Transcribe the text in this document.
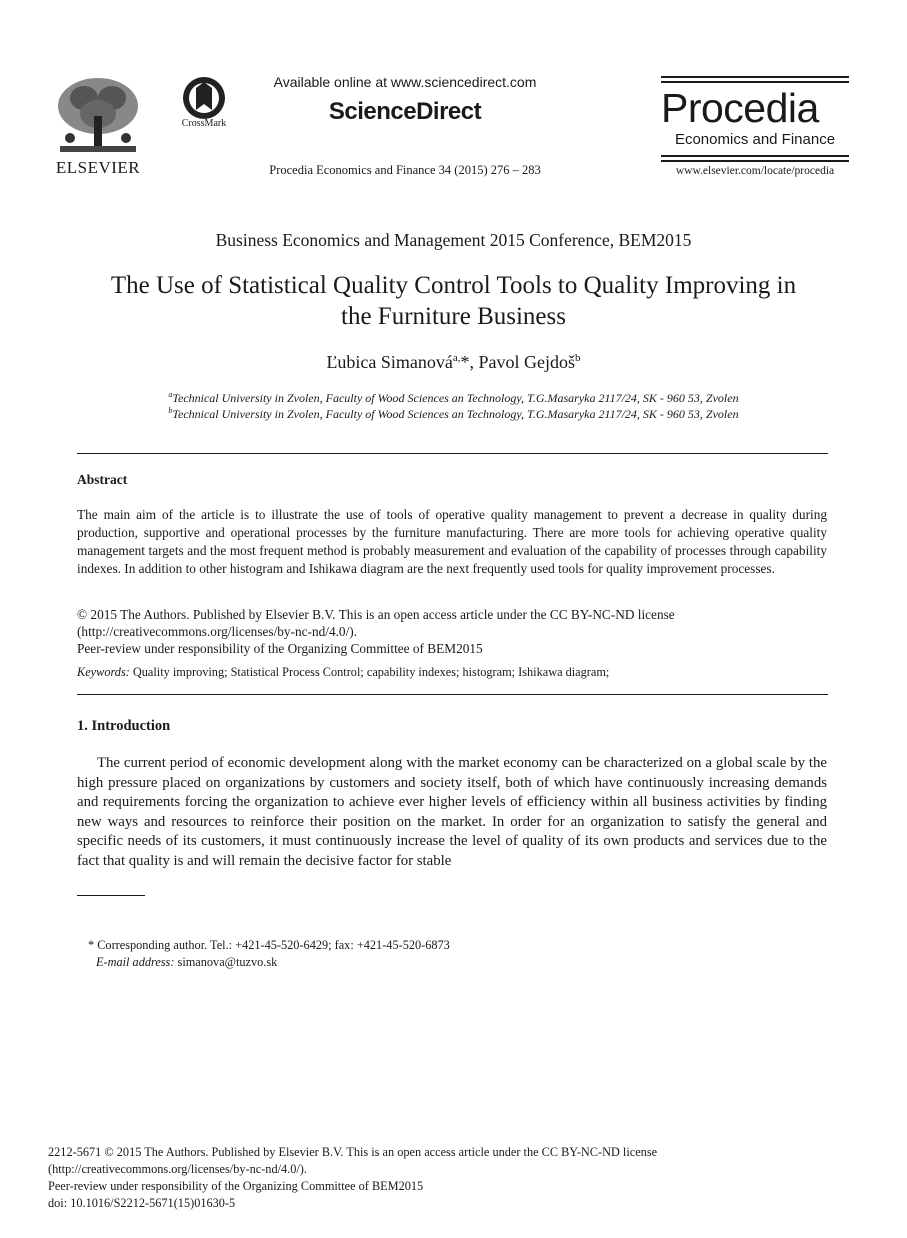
ELSEVIER
CrossMark
Available online at www.sciencedirect.com
ScienceDirect
Procedia Economics and Finance 34 (2015) 276 – 283
Procedia
Economics and Finance
www.elsevier.com/locate/procedia
Business Economics and Management 2015 Conference, BEM2015
The Use of Statistical Quality Control Tools to Quality Improving in
the Furniture Business
Ľubica Simanová$^{a,}$*, Pavol Gejdoš$^b$
$^a$Technical University in Zvolen, Faculty of Wood Sciences an Technology, T.G.Masaryka 2117/24, SK - 960 53, Zvolen
$^b$Technical University in Zvolen, Faculty of Wood Sciences an Technology, T.G.Masaryka 2117/24, SK - 960 53, Zvolen
Abstract
The main aim of the article is to illustrate the use of tools of operative quality management to prevent a decrease in quality during production, supportive and operational processes by the furniture manufacturing. There are more tools for achieving operative quality management targets and the most frequent method is probably measurement and evaluation of the capability of processes through capability indexes. In addition to other histogram and Ishikawa diagram are the next frequently used tools for quality improvement processes.
© 2015 The Authors. Published by Elsevier B.V. This is an open access article under the CC BY-NC-ND license
(http://creativecommons.org/licenses/by-nc-nd/4.0/).
Peer-review under responsibility of the Organizing Committee of BEM2015
Keywords: Quality improving; Statistical Process Control; capability indexes; histogram; Ishikawa diagram;
1. Introduction
The current period of economic development along with the market economy can be characterized on a global scale by the high pressure placed on organizations by customers and society itself, both of which have continuously increasing demands and requirements forcing the organization to achieve ever higher levels of efficiency within all business activities by finding new ways and resources to reinforce their position on the market. In order for an organization to satisfy the general and specific needs of its customers, it must continuously increase the level of quality of its own products and services due to the fact that quality is and will remain the decisive factor for stable
* Corresponding author. Tel.: +421-45-520-6429; fax: +421-45-520-6873
E-mail address: simanova@tuzvo.sk
2212-5671 © 2015 The Authors. Published by Elsevier B.V. This is an open access article under the CC BY-NC-ND license
(http://creativecommons.org/licenses/by-nc-nd/4.0/).
Peer-review under responsibility of the Organizing Committee of BEM2015
doi: 10.1016/S2212-5671(15)01630-5
